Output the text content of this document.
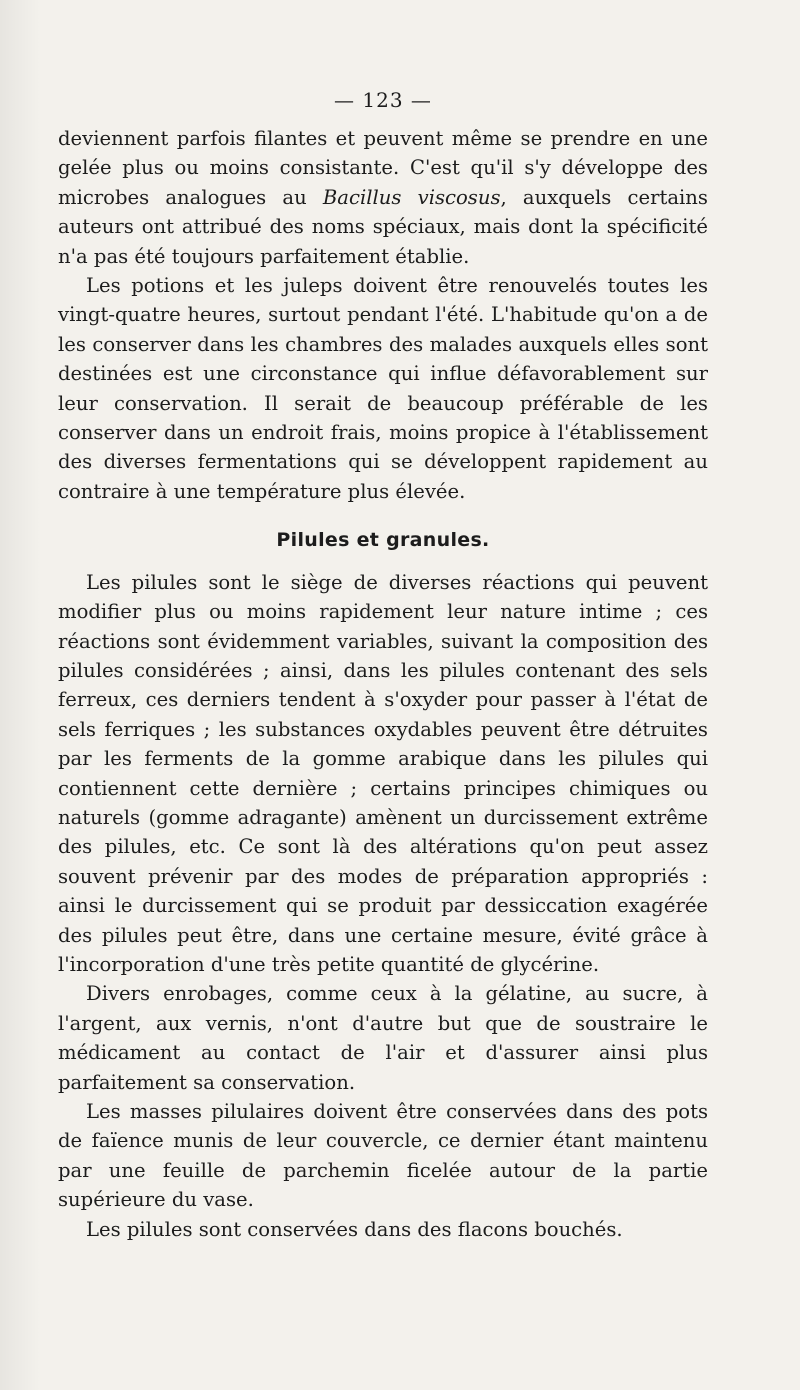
— 123 —

deviennent parfois filantes et peuvent même se prendre en une gelée plus ou moins consistante. C'est qu'il s'y développe des microbes analogues au Bacillus viscosus, auxquels certains auteurs ont attribué des noms spéciaux, mais dont la spécificité n'a pas été toujours parfaitement établie.

Les potions et les juleps doivent être renouvelés toutes les vingt-quatre heures, surtout pendant l'été. L'habitude qu'on a de les conserver dans les chambres des malades auxquels elles sont destinées est une circonstance qui influe défavorablement sur leur conservation. Il serait de beaucoup préférable de les conserver dans un endroit frais, moins propice à l'établissement des diverses fermentations qui se développent rapidement au contraire à une température plus élevée.

Pilules et granules.

Les pilules sont le siège de diverses réactions qui peuvent modifier plus ou moins rapidement leur nature intime ; ces réactions sont évidemment variables, suivant la composition des pilules considérées ; ainsi, dans les pilules contenant des sels ferreux, ces derniers tendent à s'oxyder pour passer à l'état de sels ferriques ; les substances oxydables peuvent être détruites par les ferments de la gomme arabique dans les pilules qui contiennent cette dernière ; certains principes chimiques ou naturels (gomme adragante) amènent un durcissement extrême des pilules, etc. Ce sont là des altérations qu'on peut assez souvent prévenir par des modes de préparation appropriés : ainsi le durcissement qui se produit par dessiccation exagérée des pilules peut être, dans une certaine mesure, évité grâce à l'incorporation d'une très petite quantité de glycérine.

Divers enrobages, comme ceux à la gélatine, au sucre, à l'argent, aux vernis, n'ont d'autre but que de soustraire le médicament au contact de l'air et d'assurer ainsi plus parfaitement sa conservation.

Les masses pilulaires doivent être conservées dans des pots de faïence munis de leur couvercle, ce dernier étant maintenu par une feuille de parchemin ficelée autour de la partie supérieure du vase.

Les pilules sont conservées dans des flacons bouchés.
